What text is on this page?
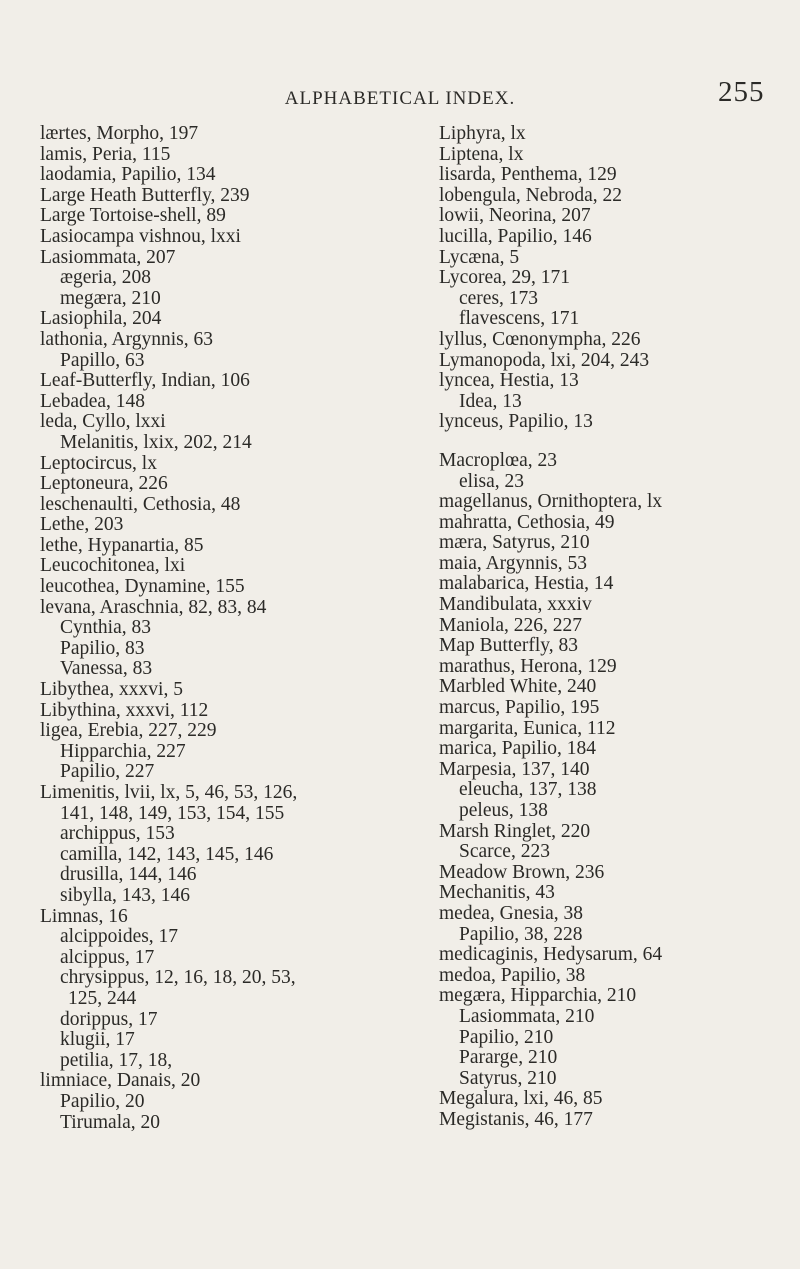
ALPHABETICAL INDEX.	255
lærtes, Morpho, 197
lamis, Peria, 115
laodamia, Papilio, 134
Large Heath Butterfly, 239
Large Tortoise-shell, 89
Lasiocampa vishnou, lxxi
Lasiommata, 207
ægeria, 208
megæra, 210
Lasiophila, 204
lathonia, Argynnis, 63
Papillo, 63
Leaf-Butterfly, Indian, 106
Lebadea, 148
leda, Cyllo, lxxi
Melanitis, lxix, 202, 214
Leptocircus, lx
Leptoneura, 226
leschenaulti, Cethosia, 48
Lethe, 203
lethe, Hypanartia, 85
Leucochitonea, lxi
leucothea, Dynamine, 155
levana, Araschnia, 82, 83, 84
Cynthia, 83
Papilio, 83
Vanessa, 83
Libythea, xxxvi, 5
Libythina, xxxvi, 112
ligea, Erebia, 227, 229
Hipparchia, 227
Papilio, 227
Limenitis, lvii, lx, 5, 46, 53, 126,
141, 148, 149, 153, 154, 155
archippus, 153
camilla, 142, 143, 145, 146
drusilla, 144, 146
sibylla, 143, 146
Limnas, 16
alcippoides, 17
alcippus, 17
chrysippus, 12, 16, 18, 20, 53,
125, 244
dorippus, 17
klugii, 17
petilia, 17, 18,
limniace, Danais, 20
Papilio, 20
Tirumala, 20
Liphyra, lx
Liptena, lx
lisarda, Penthema, 129
lobengula, Nebroda, 22
lowii, Neorina, 207
lucilla, Papilio, 146
Lycæna, 5
Lycorea, 29, 171
ceres, 173
flavescens, 171
lyllus, Cœnonympha, 226
Lymanopoda, lxi, 204, 243
lyncea, Hestia, 13
Idea, 13
lynceus, Papilio, 13
Macroplœa, 23
elisa, 23
magellanus, Ornithoptera, lx
mahratta, Cethosia, 49
mæra, Satyrus, 210
maia, Argynnis, 53
malabarica, Hestia, 14
Mandibulata, xxxiv
Maniola, 226, 227
Map Butterfly, 83
marathus, Herona, 129
Marbled White, 240
marcus, Papilio, 195
margarita, Eunica, 112
marica, Papilio, 184
Marpesia, 137, 140
eleucha, 137, 138
peleus, 138
Marsh Ringlet, 220
Scarce, 223
Meadow Brown, 236
Mechanitis, 43
medea, Gnesia, 38
Papilio, 38, 228
medicaginis, Hedysarum, 64
medoa, Papilio, 38
megæra, Hipparchia, 210
Lasiommata, 210
Papilio, 210
Pararge, 210
Satyrus, 210
Megalura, lxi, 46, 85
Megistanis, 46, 177
